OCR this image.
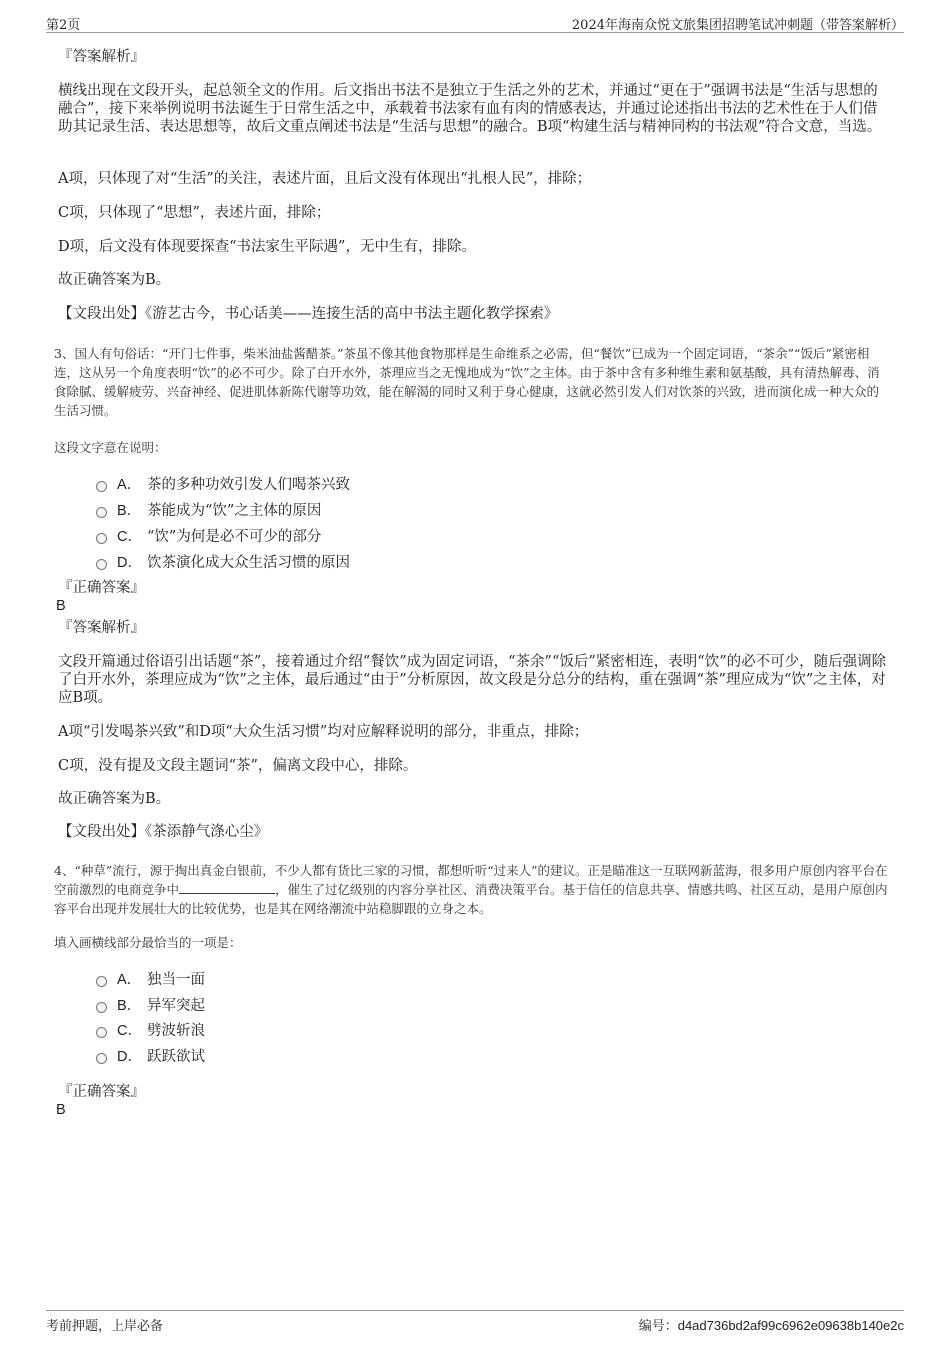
第2页	2024年海南众悦文旅集团招聘笔试冲刺题（带答案解析）

『答案解析』

横线出现在文段开头，起总领全文的作用。后文指出书法不是独立于生活之外的艺术，并通过“更在于”强调书法是“生活与思想的融合”，接下来举例说明书法诞生于日常生活之中，承载着书法家有血有肉的情感表达，并通过论述指出书法的艺术性在于人们借助其记录生活、表达思想等，故后文重点阐述书法是“生活与思想”的融合。B项“构建生活与精神同构的书法观”符合文意，当选。

A项，只体现了对“生活”的关注，表述片面，且后文没有体现出“扎根人民”，排除；

C项，只体现了“思想”，表述片面，排除；

D项，后文没有体现要探查“书法家生平际遇”，无中生有，排除。

故正确答案为B。

【文段出处】《游艺古今，书心话美——连接生活的高中书法主题化教学探索》

3、国人有句俗话：“开门七件事，柴米油盐酱醋茶。”茶虽不像其他食物那样是生命维系之必需，但“餐饮”已成为一个固定词语，“茶余”“饭后”紧密相连，这从另一个角度表明“饮”的必不可少。除了白开水外，茶理应当之无愧地成为“饮”之主体。由于茶中含有多种维生素和氨基酸，具有清热解毒、消食除腻、缓解疲劳、兴奋神经、促进肌体新陈代谢等功效，能在解渴的同时又利于身心健康，这就必然引发人们对饮茶的兴致，进而演化成一种大众的生活习惯。

这段文字意在说明：

A． 茶的多种功效引发人们喝茶兴致
B． 茶能成为“饮”之主体的原因
C． “饮”为何是必不可少的部分
D． 饮茶演化成大众生活习惯的原因

『正确答案』

B

『答案解析』

文段开篇通过俗语引出话题“茶”，接着通过介绍“餐饮”成为固定词语，“茶余”“饭后”紧密相连，表明“饮”的必不可少，随后强调除了白开水外，茶理应成为“饮”之主体，最后通过“由于”分析原因，故文段是分总分的结构，重在强调“茶”理应成为“饮”之主体，对应B项。

A项“引发喝茶兴致”和D项“大众生活习惯”均对应解释说明的部分，非重点，排除；

C项，没有提及文段主题词“茶”，偏离文段中心，排除。

故正确答案为B。

【文段出处】《茶添静气涤心尘》

4、“种草”流行，源于掏出真金白银前，不少人都有货比三家的习惯，都想听听“过来人”的建议。正是瞄准这一互联网新蓝海，很多用户原创内容平台在空前激烈的电商竞争中	，催生了过亿级别的内容分享社区、消费决策平台。基于信任的信息共享、情感共鸣、社区互动，是用户原创内容平台出现并发展壮大的比较优势，也是其在网络潮流中站稳脚跟的立身之本。

填入画横线部分最恰当的一项是：

A． 独当一面
B． 异军突起
C． 劈波斩浪
D． 跃跃欲试

『正确答案』

B

考前押题，上岸必备	编号：d4ad736bd2af99c6962e09638b140e2c
